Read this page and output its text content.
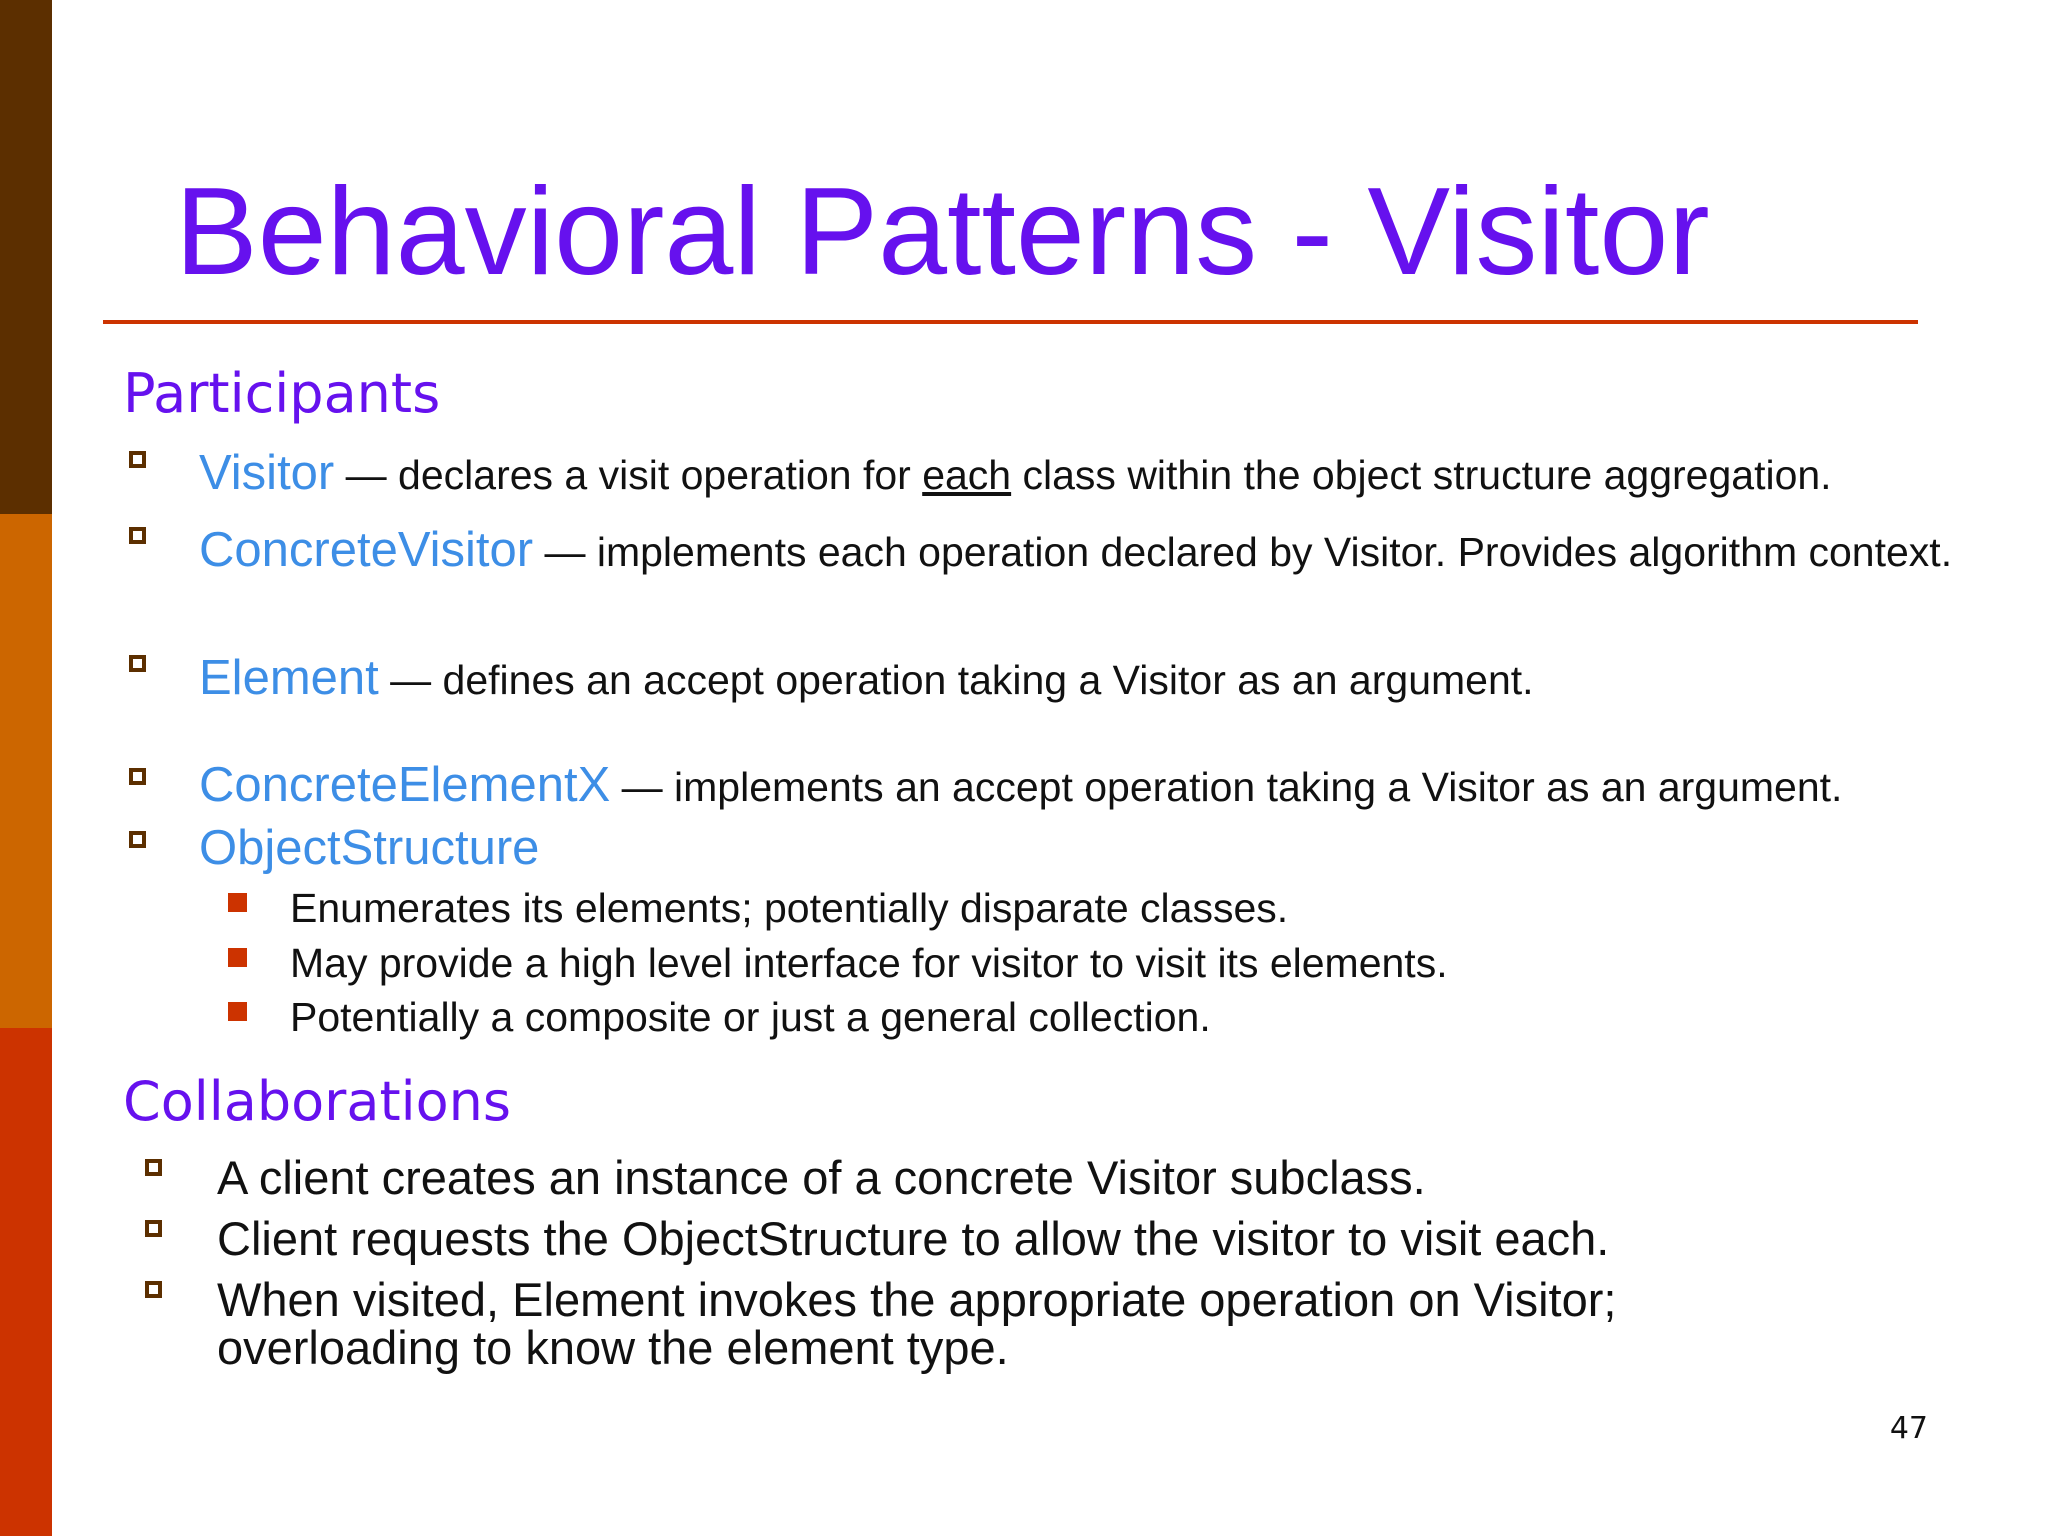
Behavioral Patterns - Visitor
Participants
Visitor — declares a visit operation for each class within the object structure aggregation.
ConcreteVisitor — implements each operation declared by Visitor. Provides algorithm context.
Element — defines an accept operation taking a Visitor as an argument.
ConcreteElementX — implements an accept operation taking a Visitor as an argument.
ObjectStructure
Enumerates its elements; potentially disparate classes.
May provide a high level interface for visitor to visit its elements.
Potentially a composite or just a general collection.
Collaborations
A client creates an instance of a concrete Visitor subclass.
Client requests the ObjectStructure to allow the visitor to visit each.
When visited, Element invokes the appropriate operation on Visitor; overloading to know the element type.
47
